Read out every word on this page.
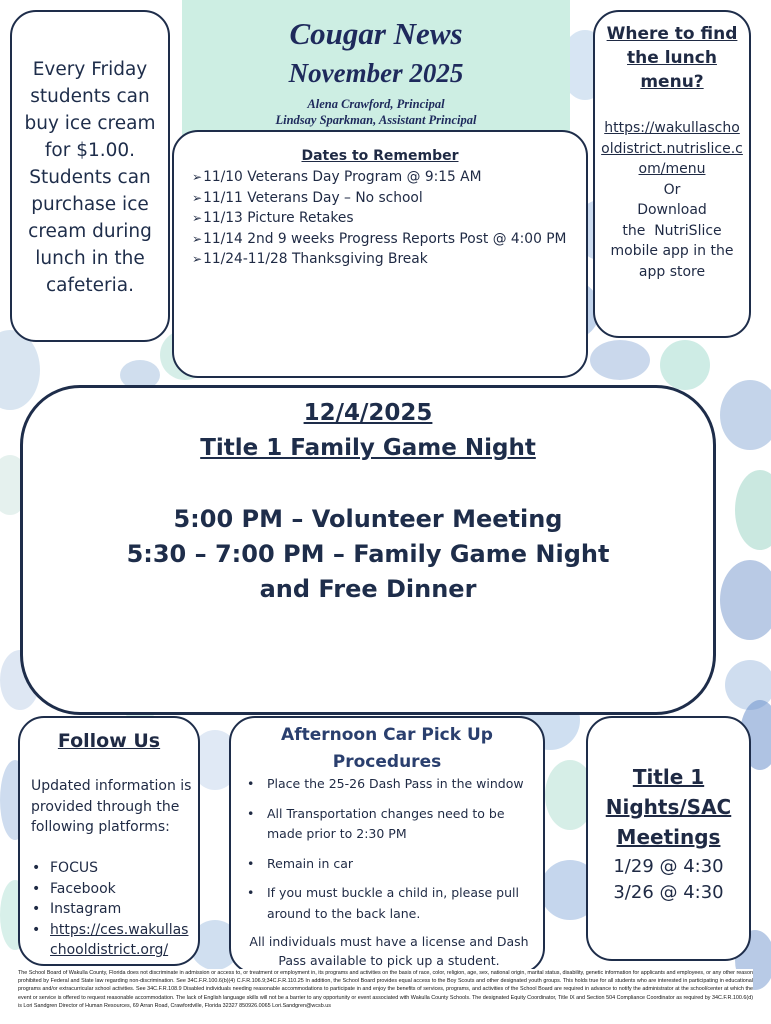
Cougar News
November 2025
Alena Crawford, Principal
Lindsay Sparkman, Assistant Principal
Every Friday students can buy ice cream for $1.00. Students can purchase ice cream during lunch in the cafeteria.
Dates to Remember
➢ 11/10 Veterans Day Program @ 9:15 AM
➢ 11/11 Veterans Day – No school
➢ 11/13 Picture Retakes
➢ 11/14 2nd 9 weeks Progress Reports Post @ 4:00 PM
➢ 11/24-11/28 Thanksgiving Break
Where to find the lunch menu?
https://wakullaschooldistrict.nutrislice.com/menu
Or
Download
the  NutriSlice mobile app in the app store
12/4/2025
Title 1 Family Game Night
5:00 PM – Volunteer Meeting
5:30 – 7:00 PM – Family Game Night
and Free Dinner
Follow Us
Updated information is provided through the following platforms:
• FOCUS
• Facebook
• Instagram
• https://ces.wakullaschooldistrict.org/
Afternoon Car Pick Up Procedures
• Place the 25-26 Dash Pass in the window
• All Transportation changes need to be made prior to 2:30 PM
• Remain in car
• If you must buckle a child in, please pull around to the back lane.
All individuals must have a license and Dash Pass available to pick up a student.
Title 1 Nights/SAC Meetings
1/29 @ 4:30
3/26 @ 4:30
The School Board of Wakulla County, Florida does not discriminate in admission or access to, or treatment or employment in, its programs and activities on the basis of race, color, religion, age, sex, national origin, marital status, disability, genetic information for applicants and employees, or any other reason prohibited by Federal and State law regarding non-discrimination. See 34C.F.R.100.6(b)(4) C.F.R.106.9;34C.F.R.110.25 In addition, the School Board provides equal access to the Boy Scouts and other designated youth groups. This holds true for all students who are interested in participating in educational programs and/or extracurricular school activities. See 34C.F.R.108.9 Disabled individuals needing reasonable accommodations to participate in and enjoy the benefits of services, programs, and activities of the School Board are required in advance to notify the administrator at the school/center at which the event or service is offered to request reasonable accommodation. The lack of English language skills will not be a barrier to any opportunity or event associated with Wakulla County Schools. The designated Equity Coordinator, Title IX and Section 504 Compliance Coordinator as required by 34C.F.R.100.6(d) is Lori Sandgren Director of Human Resources, 69 Arran Road, Crawfordville, Florida 32327 850926.0065 Lori.Sandgren@wcsb.us
